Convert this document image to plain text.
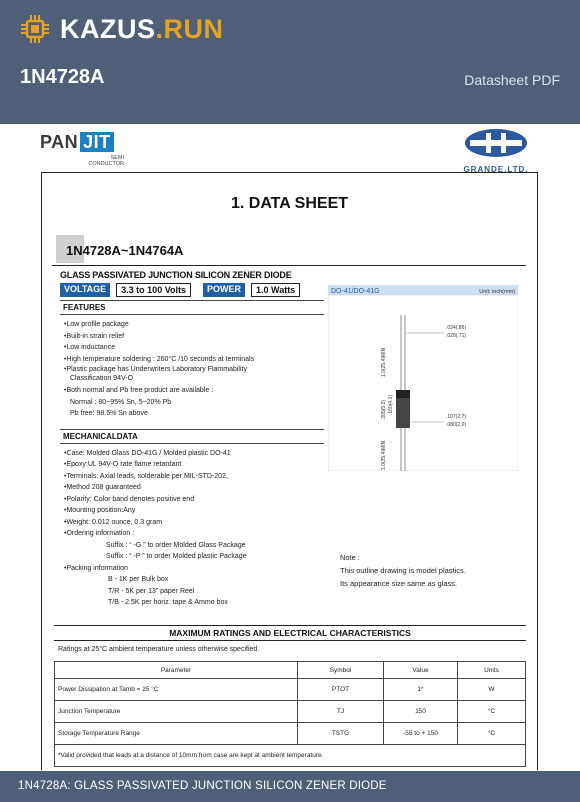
KAZUS.RUN
1N4728A	Datasheet PDF
PAN JIT
SEMI
CONDUCTOR
GRANDE.LTD.
1. DATA SHEET
1N4728A~1N4764A
GLASS PASSIVATED JUNCTION SILICON ZENER DIODE
VOLTAGE	3.3 to 100 Volts	POWER	1.0 Watts
FEATURES
• Low profile package
• Built-in strain relief
• Low inductance
• High temperature soldering : 260°C /10 seconds at terminals
• Plastic package has Underwriters Laboratory Flammability
Classification 94V-O
• Both normal and Pb free product are available :
Normal : 80~95% Sn, 5~20% Pb
Pb free: 98.5% Sn above
MECHANICALDATA
• Case: Molded Glass DO-41G / Molded plastic DO-41
• Epoxy:UL 94V-O rate flame retardant
• Terminals: Axial leads, solderable per MIL-STD-202,
• Method 208 guaranteed
• Polarity: Color band denotes positive end
• Mounting position:Any
• Weight: 0.012 ounce, 0.3 gram
• Ordering information :
Suffix : “ -G ” to order Molded Glass Package
Suffix : “ -P ” to order Molded plastic Package
• Packing information
B - 1K per Bulk box
T/R - 5K per 13” paper Reel
T/B - 2.5K per horiz. tape & Ammo box
DO-41/DO-41G	Unit: inch(mm)
1.0(25.4)MIN
.205(5.2) .160(4.1)
.034(.86)
.028(.71)
.107(2.7)
.080(2.0)
1.0(25.4)MIN
Note :
This outline drawing is model plastics.
Its appearance size same as glass.
MAXIMUM RATINGS AND ELECTRICAL CHARACTERISTICS
Ratings at 25°C ambient temperature unless otherwise specified.
Parameter	Symbol	Value	Units
Power Dissipation at Tamb = 25 °C	PTOT	1*	W
Junction Temperature	TJ	150	°C
Storage Temperature Range	TSTG	-55 to + 150	°C
*Valid provided that leads at a distance of 10mm from case are kept at ambient temperature.			
1N4728A: GLASS PASSIVATED JUNCTION SILICON ZENER DIODE
